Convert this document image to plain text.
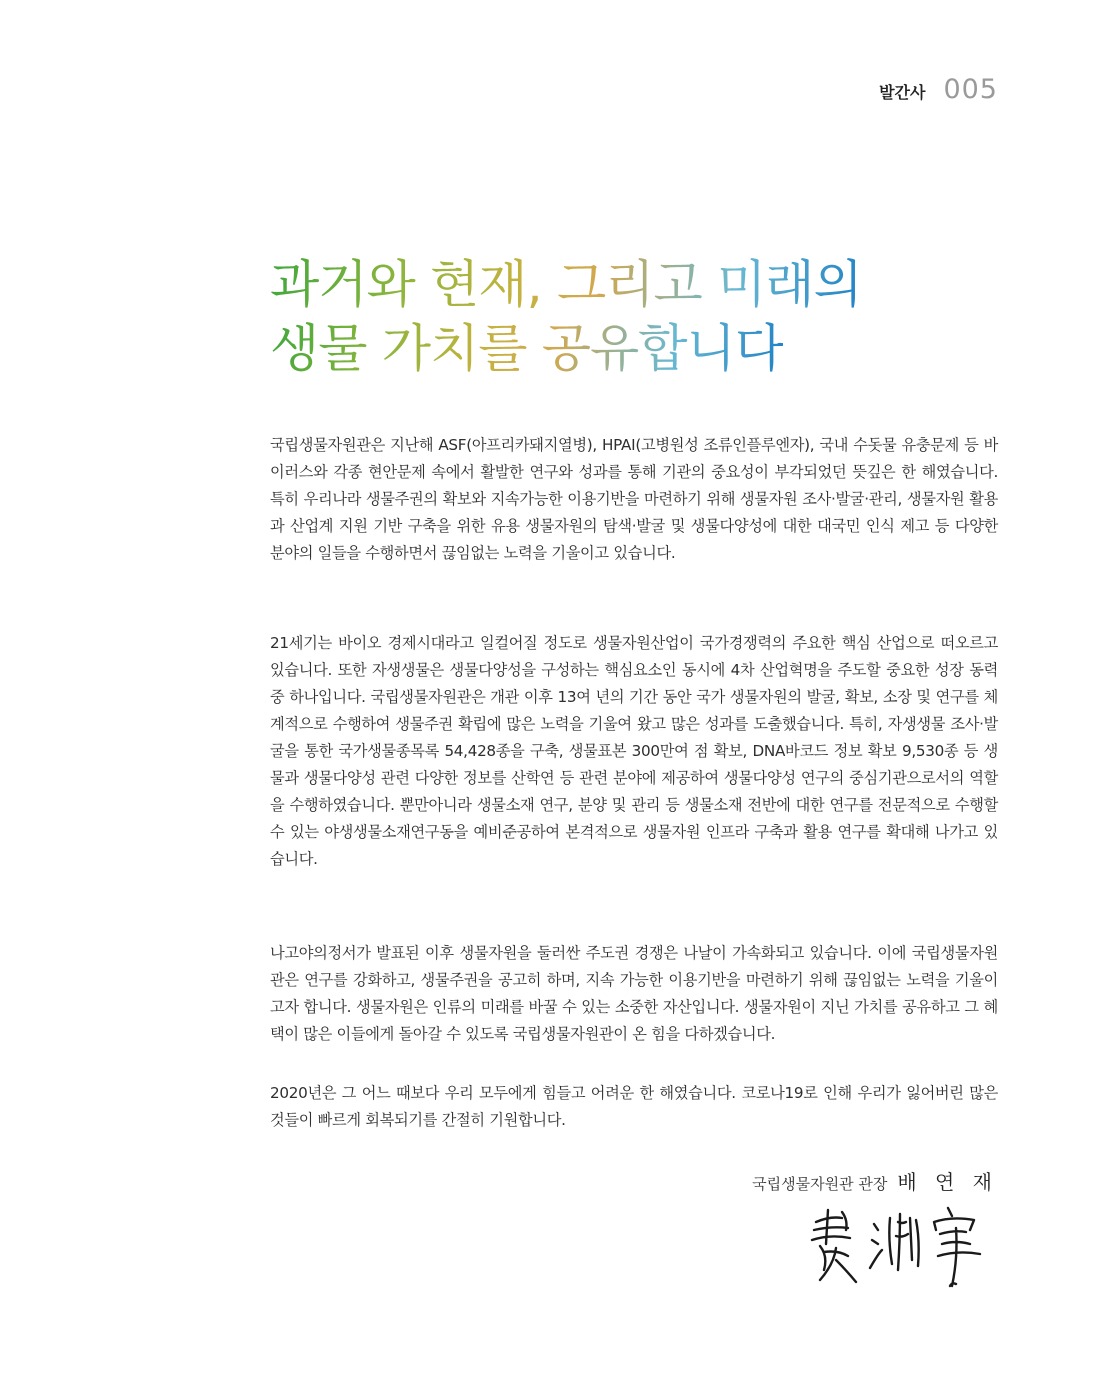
발간사 005
과거와 현재, 그리고 미래의
생물 가치를 공유합니다

국립생물자원관은 지난해 ASF(아프리카돼지열병), HPAI(고병원성 조류인플루엔자), 국내 수돗물 유충문제 등 바이러스와 각종 현안문제 속에서 활발한 연구와 성과를 통해 기관의 중요성이 부각되었던 뜻깊은 한 해였습니다. 특히 우리나라 생물주권의 확보와 지속가능한 이용기반을 마련하기 위해 생물자원 조사·발굴·관리, 생물자원 활용과 산업계 지원 기반 구축을 위한 유용 생물자원의 탐색·발굴 및 생물다양성에 대한 대국민 인식 제고 등 다양한 분야의 일들을 수행하면서 끊임없는 노력을 기울이고 있습니다.

21세기는 바이오 경제시대라고 일컬어질 정도로 생물자원산업이 국가경쟁력의 주요한 핵심 산업으로 떠오르고 있습니다. 또한 자생생물은 생물다양성을 구성하는 핵심요소인 동시에 4차 산업혁명을 주도할 중요한 성장 동력 중 하나입니다. 국립생물자원관은 개관 이후 13여 년의 기간 동안 국가 생물자원의 발굴, 확보, 소장 및 연구를 체계적으로 수행하여 생물주권 확립에 많은 노력을 기울여 왔고 많은 성과를 도출했습니다. 특히, 자생생물 조사·발굴을 통한 국가생물종목록 54,428종을 구축, 생물표본 300만여 점 확보, DNA바코드 정보 확보 9,530종 등 생물과 생물다양성 관련 다양한 정보를 산학연 등 관련 분야에 제공하여 생물다양성 연구의 중심기관으로서의 역할을 수행하였습니다. 뿐만아니라 생물소재 연구, 분양 및 관리 등 생물소재 전반에 대한 연구를 전문적으로 수행할 수 있는 야생생물소재연구동을 예비준공하여 본격적으로 생물자원 인프라 구축과 활용 연구를 확대해 나가고 있습니다.

나고야의정서가 발표된 이후 생물자원을 둘러싼 주도권 경쟁은 나날이 가속화되고 있습니다. 이에 국립생물자원관은 연구를 강화하고, 생물주권을 공고히 하며, 지속 가능한 이용기반을 마련하기 위해 끊임없는 노력을 기울이고자 합니다. 생물자원은 인류의 미래를 바꿀 수 있는 소중한 자산입니다. 생물자원이 지닌 가치를 공유하고 그 혜택이 많은 이들에게 돌아갈 수 있도록 국립생물자원관이 온 힘을 다하겠습니다.

2020년은 그 어느 때보다 우리 모두에게 힘들고 어려운 한 해였습니다. 코로나19로 인해 우리가 잃어버린 많은 것들이 빠르게 회복되기를 간절히 기원합니다.

국립생물자원관 관장 배 연 재
